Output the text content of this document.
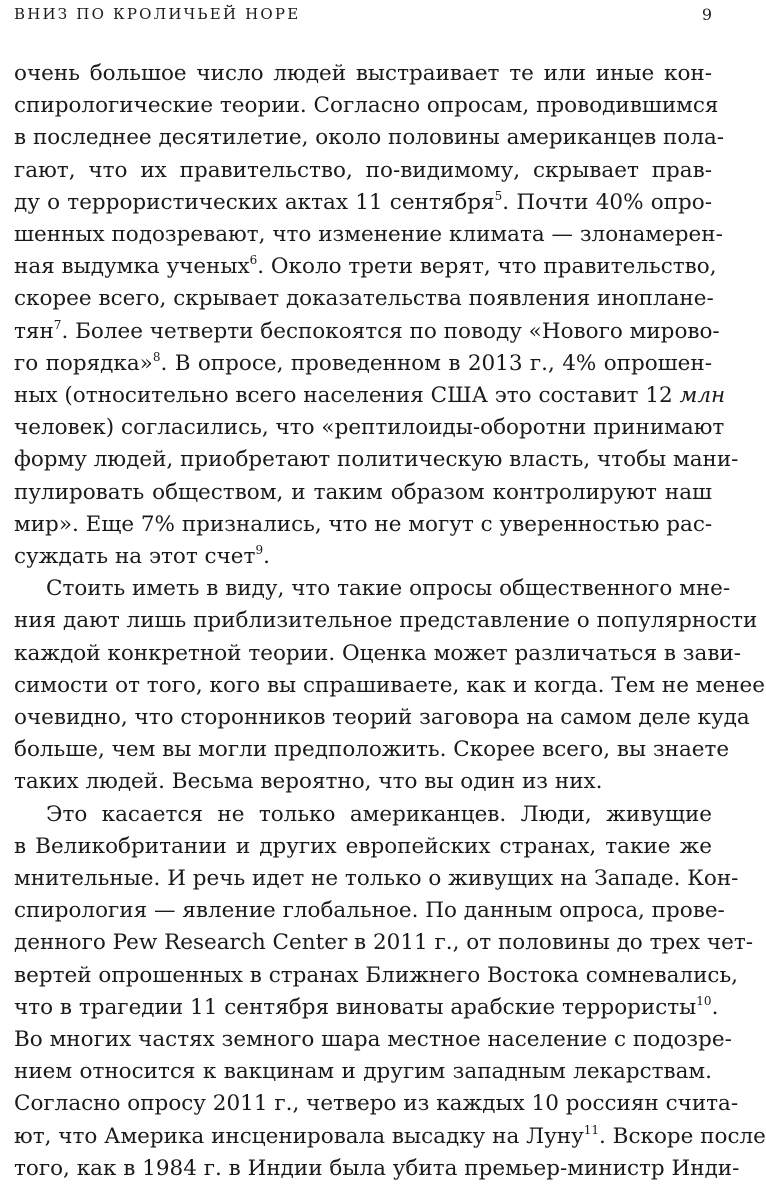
ВНИЗ ПО КРОЛИЧЬЕЙ НОРЕ	9
очень большое число людей выстраивает те или иные кон-
спирологические теории. Согласно опросам, проводившимся
в последнее десятилетие, около половины американцев пола-
гают, что их правительство, по-видимому, скрывает прав-
ду о террористических актах 11 сентября$^5$. Почти 40% опро-
шенных подозревают, что изменение климата — злонамерен-
ная выдумка ученых$^6$. Около трети верят, что правительство,
скорее всего, скрывает доказательства появления инопланe-
тян$^7$. Более четверти беспокоятся по поводу «Нового мирово-
го порядка»$^8$. В опросе, проведенном в 2013 г., 4% опрошен-
ных (относительно всего населения США это составит 12 млн
человек) согласились, что «рептилоиды-оборотни принимают
форму людей, приобретают политическую власть, чтобы мани-
пулировать обществом, и таким образом контролируют наш
мир». Еще 7% признались, что не могут с уверенностью рас-
суждать на этот счет$^9$.
Стоить иметь в виду, что такие опросы общественного мне-
ния дают лишь приблизительное представление о популярности
каждой конкретной теории. Оценка может различаться в зави-
симости от того, кого вы спрашиваете, как и когда. Тем не менее
очевидно, что сторонников теорий заговора на самом деле куда
больше, чем вы могли предположить. Скорее всего, вы знаете
таких людей. Весьма вероятно, что вы один из них.
Это касается не только американцев. Люди, живущие
в Великобритании и других европейских странах, такие же
мнительные. И речь идет не только о живущих на Западе. Кон-
спирология — явление глобальное. По данным опроса, прове-
денного Pew Research Center в 2011 г., от половины до трех чет-
вертей опрошенных в странах Ближнего Востока сомневались,
что в трагедии 11 сентября виноваты арабские террористы$^{10}$.
Во многих частях земного шара местное население с подозре-
нием относится к вакцинам и другим западным лекарствам.
Согласно опросу 2011 г., четверо из каждых 10 россиян счита-
ют, что Америка инсценировала высадку на Луну$^{11}$. Вскоре после
того, как в 1984 г. в Индии была убита премьер-министр Инди-
